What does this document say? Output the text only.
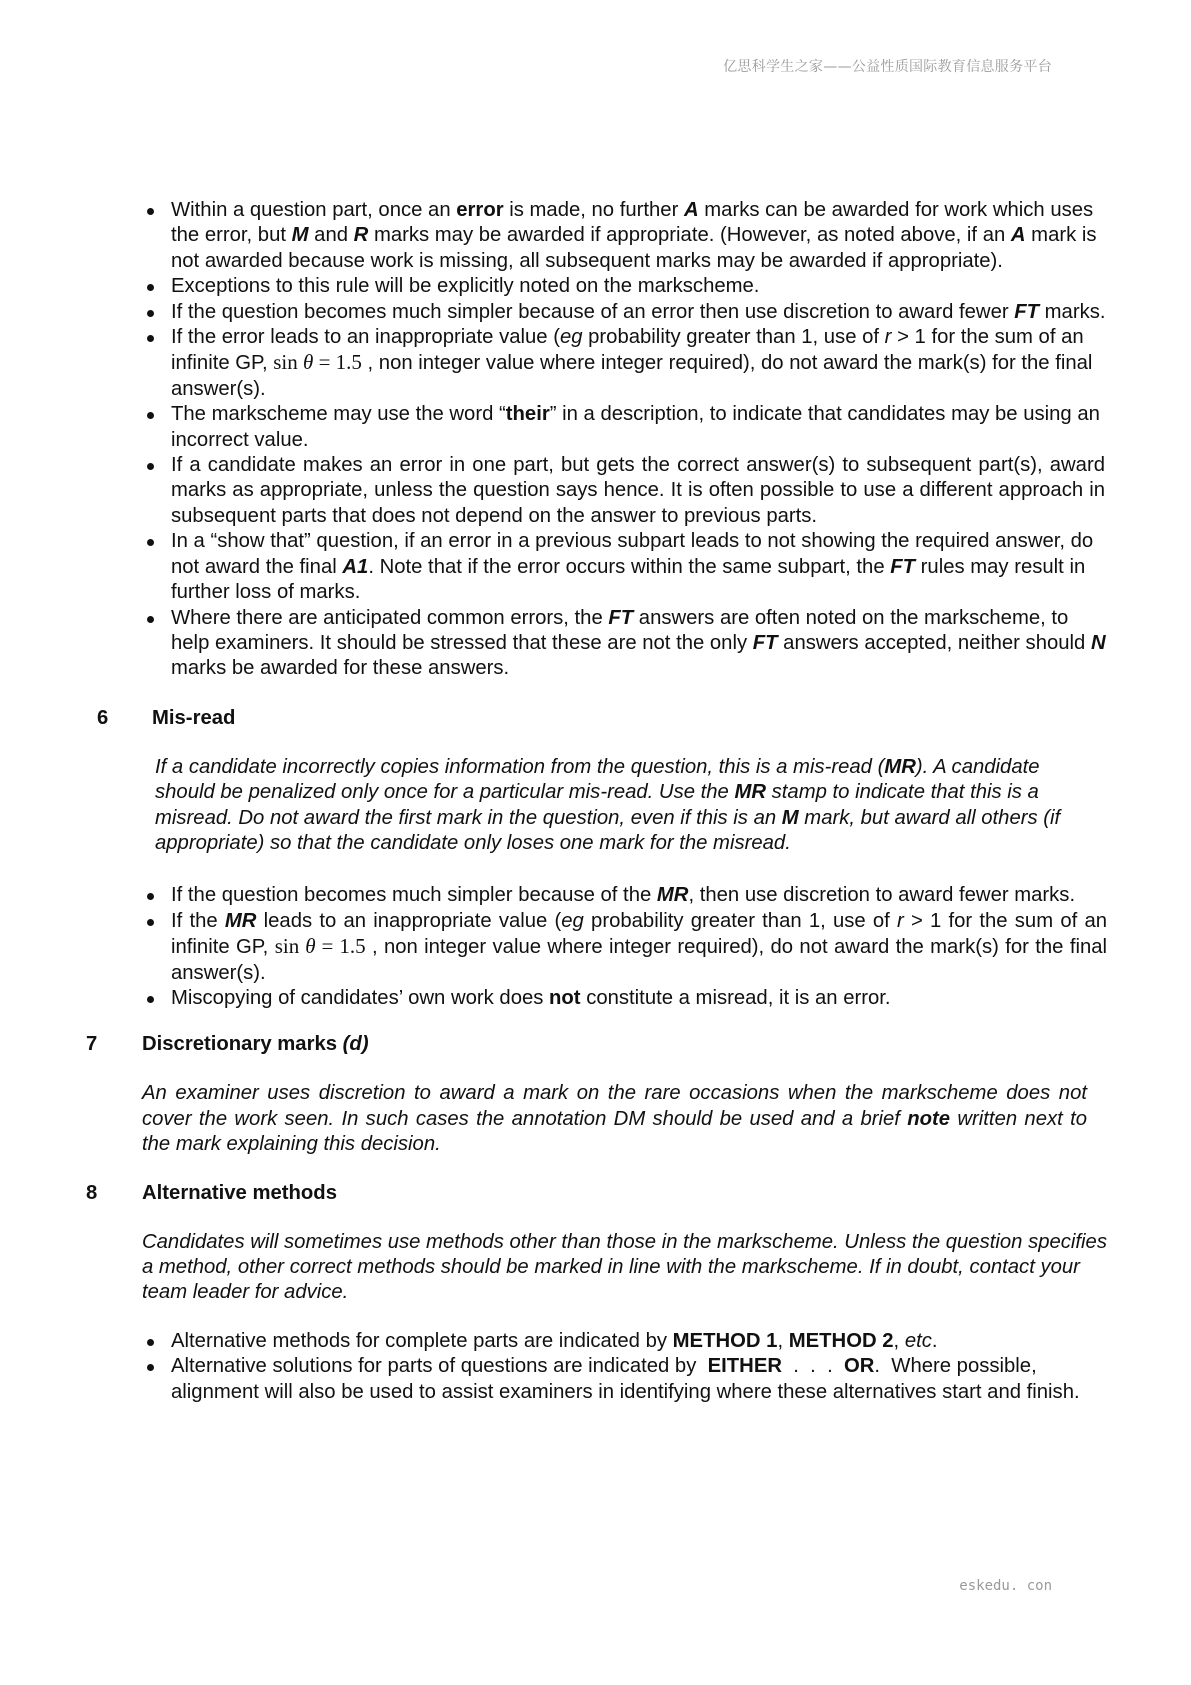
亿思科学生之家——公益性质国际教育信息服务平台
Within a question part, once an error is made, no further A marks can be awarded for work which uses the error, but M and R marks may be awarded if appropriate. (However, as noted above, if an A mark is not awarded because work is missing, all subsequent marks may be awarded if appropriate).
Exceptions to this rule will be explicitly noted on the markscheme.
If the question becomes much simpler because of an error then use discretion to award fewer FT marks.
If the error leads to an inappropriate value (eg probability greater than 1, use of r > 1 for the sum of an infinite GP, sin θ = 1.5 , non integer value where integer required), do not award the mark(s) for the final answer(s).
The markscheme may use the word “their” in a description, to indicate that candidates may be using an incorrect value.
If a candidate makes an error in one part, but gets the correct answer(s) to subsequent part(s), award marks as appropriate, unless the question says hence. It is often possible to use a different approach in subsequent parts that does not depend on the answer to previous parts.
In a “show that” question, if an error in a previous subpart leads to not showing the required answer, do not award the final A1. Note that if the error occurs within the same subpart, the FT rules may result in further loss of marks.
Where there are anticipated common errors, the FT answers are often noted on the markscheme, to help examiners. It should be stressed that these are not the only FT answers accepted, neither should N marks be awarded for these answers.
6 Mis-read
If a candidate incorrectly copies information from the question, this is a mis-read (MR). A candidate should be penalized only once for a particular mis-read. Use the MR stamp to indicate that this is a misread. Do not award the first mark in the question, even if this is an M mark, but award all others (if appropriate) so that the candidate only loses one mark for the misread.
If the question becomes much simpler because of the MR, then use discretion to award fewer marks.
If the MR leads to an inappropriate value (eg probability greater than 1, use of r > 1 for the sum of an infinite GP, sin θ = 1.5 , non integer value where integer required), do not award the mark(s) for the final answer(s).
Miscopying of candidates’ own work does not constitute a misread, it is an error.
7 Discretionary marks (d)
An examiner uses discretion to award a mark on the rare occasions when the markscheme does not cover the work seen. In such cases the annotation DM should be used and a brief note written next to the mark explaining this decision.
8 Alternative methods
Candidates will sometimes use methods other than those in the markscheme. Unless the question specifies a method, other correct methods should be marked in line with the markscheme. If in doubt, contact your team leader for advice.
Alternative methods for complete parts are indicated by METHOD 1, METHOD 2, etc.
Alternative solutions for parts of questions are indicated by  EITHER  .  .  .  OR.  Where possible, alignment will also be used to assist examiners in identifying where these alternatives start and finish.
eskedu. con
